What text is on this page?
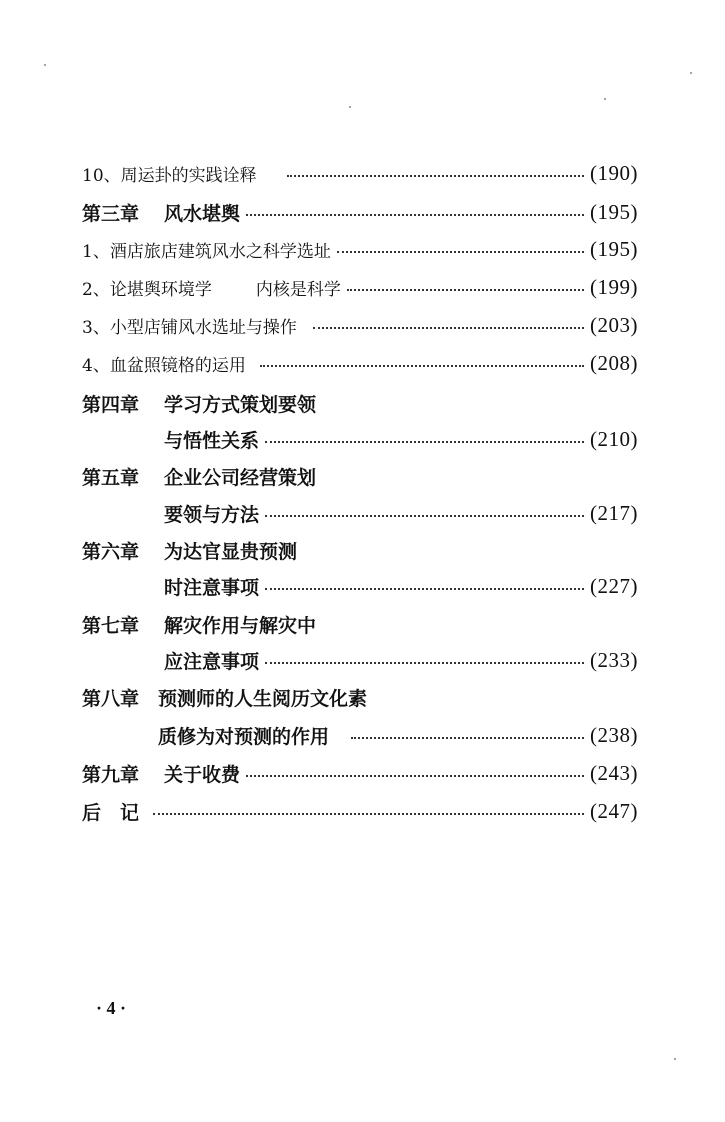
10、周运卦的实践诠释	(190)
第三章 风水堪舆	(195)
1、酒店旅店建筑风水之科学选址	(195)
2、论堪舆环境学	内核是科学	(199)
3、小型店铺风水选址与操作	(203)
4、血盆照镜格的运用	(208)
第四章 学习方式策划要领
与悟性关系	(210)
第五章 企业公司经营策划
要领与方法	(217)
第六章 为达官显贵预测
时注意事项	(227)
第七章 解灾作用与解灾中
应注意事项	(233)
第八章 预测师的人生阅历文化素
质修为对预测的作用	(238)
第九章 关于收费	(243)
后　记	(247)
· 4 ·
